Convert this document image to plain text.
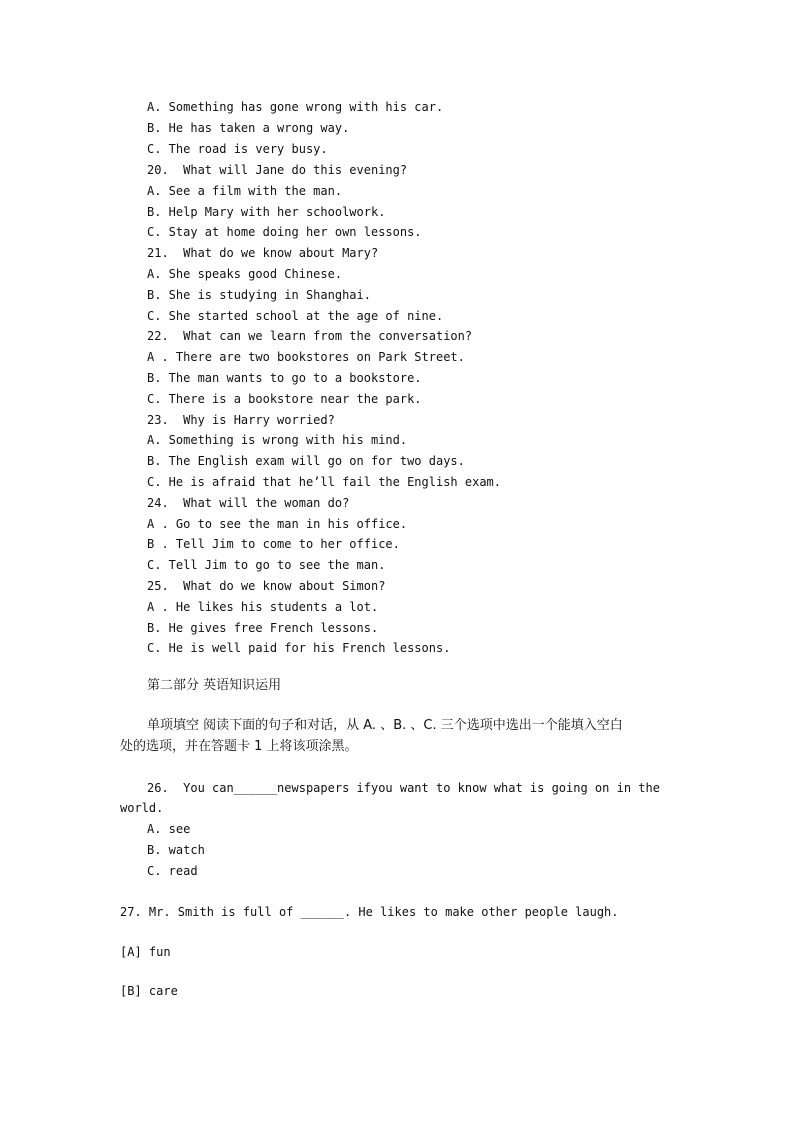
A. Something has gone wrong with his car.
B. He has taken a wrong way.
C. The road is very busy.
20.  What will Jane do this evening?
A. See a film with the man.
B. Help Mary with her schoolwork.
C. Stay at home doing her own lessons.
21.  What do we know about Mary?
A. She speaks good Chinese.
B. She is studying in Shanghai.
C. She started school at the age of nine.
22.  What can we learn from the conversation?
A . There are two bookstores on Park Street.
B. The man wants to go to a bookstore.
C. There is a bookstore near the park.
23.  Why is Harry worried?
A. Something is wrong with his mind.
B. The English exam will go on for two days.
C. He is afraid that he’ll fail the English exam.
24.  What will the woman do?
A . Go to see the man in his office.
B . Tell Jim to come to her office.
C. Tell Jim to go to see the man.
25.  What do we know about Simon?
A . He likes his students a lot.
B. He gives free French lessons.
C. He is well paid for his French lessons.
第二部分 英语知识运用
单项填空 阅读下面的句子和对话，从 A. 、B. 、C. 三个选项中选出一个能填入空白
处的选项，并在答题卡 1 上将该项涂黑。
26.  You can______newspapers ifyou want to know what is going on in the
world.
A. see
B. watch
C. read
27. Mr. Smith is full of ______. He likes to make other people laugh.
[A] fun
[B] care
